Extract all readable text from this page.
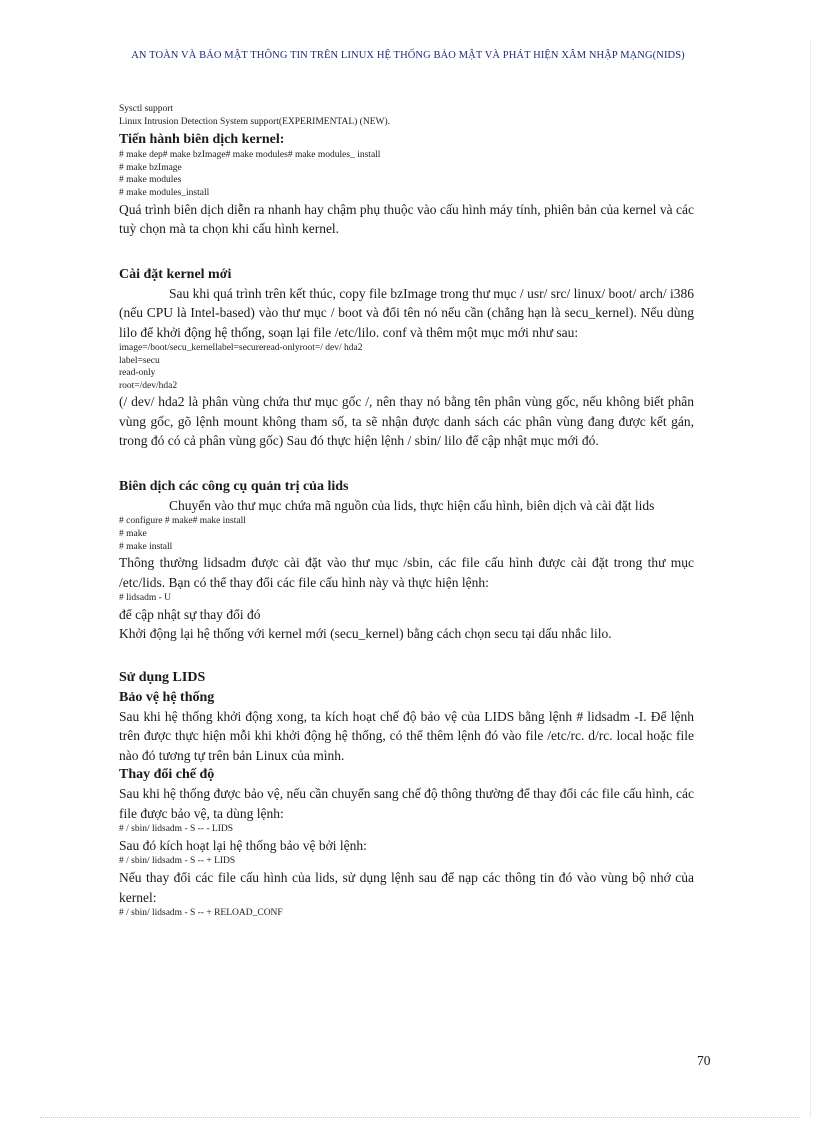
AN TOÀN VÀ BẢO MẬT THÔNG TIN TRÊN LINUX HỆ THỐNG BẢO MẬT VÀ PHÁT HIỆN XÂM NHẬP MẠNG(NIDS)

Sysctl support

Linux Intrusion Detection System support(EXPERIMENTAL) (NEW).

Tiến hành biên dịch kernel:

# make dep# make bzImage# make modules# make modules_ install

# make bzImage

# make modules

# make modules_install

Quá trình biên dịch diễn ra nhanh hay chậm phụ thuộc vào cấu hình máy tính, phiên bản của kernel và các tuỳ chọn mà ta chọn khi cấu hình kernel.

Cài đặt kernel mới

Sau khi quá trình trên kết thúc, copy file bzImage trong thư mục / usr/ src/ linux/ boot/ arch/ i386 (nếu CPU là Intel-based) vào thư mục / boot và đổi tên nó nếu cần (chẳng hạn là secu_kernel). Nếu dùng lilo để khởi động hệ thống, soạn lại file /etc/lilo. conf và thêm một mục mới như sau:

image=/boot/secu_kernellabel=secureread-onlyroot=/ dev/ hda2

label=secu

read-only

root=/dev/hda2

(/ dev/ hda2 là phân vùng chứa thư mục gốc /, nên thay nó bằng tên phân vùng gốc, nếu không biết phân vùng gốc, gõ lệnh mount không tham số, ta sẽ nhận được danh sách các phân vùng đang được kết gán, trong đó có cả phân vùng gốc) Sau đó thực hiện lệnh / sbin/ lilo để cập nhật mục mới đó.

Biên dịch các công cụ quản trị của lids

Chuyển vào thư mục chứa mã nguồn của lids, thực hiện cấu hình, biên dịch và cài đặt lids

# configure # make# make install

# make

# make install

Thông thường lidsadm được cài đặt vào thư mục /sbin, các file cấu hình được cài đặt trong thư mục /etc/lids. Bạn có thể thay đổi các file cấu hình này và thực hiện lệnh:

# lidsadm - U

để cập nhật sự thay đổi đó

Khởi động lại hệ thống với kernel mới (secu_kernel) bằng cách chọn secu tại dấu nhắc lilo.

Sử dụng LIDS

Bảo vệ hệ thống

Sau khi hệ thống khởi động xong, ta kích hoạt chế độ bảo vệ của LIDS bằng lệnh # lidsadm -I. Để lệnh trên được thực hiện mỗi khi khởi động hệ thống, có thể thêm lệnh đó vào file /etc/rc. d/rc. local hoặc file nào đó tương tự trên bản Linux của mình.

Thay đổi chế độ

Sau khi hệ thống được bảo vệ, nếu cần chuyển sang chế độ thông thường để thay đổi các file cấu hình, các file được bảo vệ, ta dùng lệnh:

# / sbin/ lidsadm - S -- - LIDS

Sau đó kích hoạt lại hệ thống bảo vệ bởi lệnh:

# / sbin/ lidsadm - S -- + LIDS

Nếu thay đổi các file cấu hình của lids, sử dụng lệnh sau để nạp các thông tin đó vào vùng bộ nhớ của kernel:

# / sbin/ lidsadm - S -- + RELOAD_CONF

70
